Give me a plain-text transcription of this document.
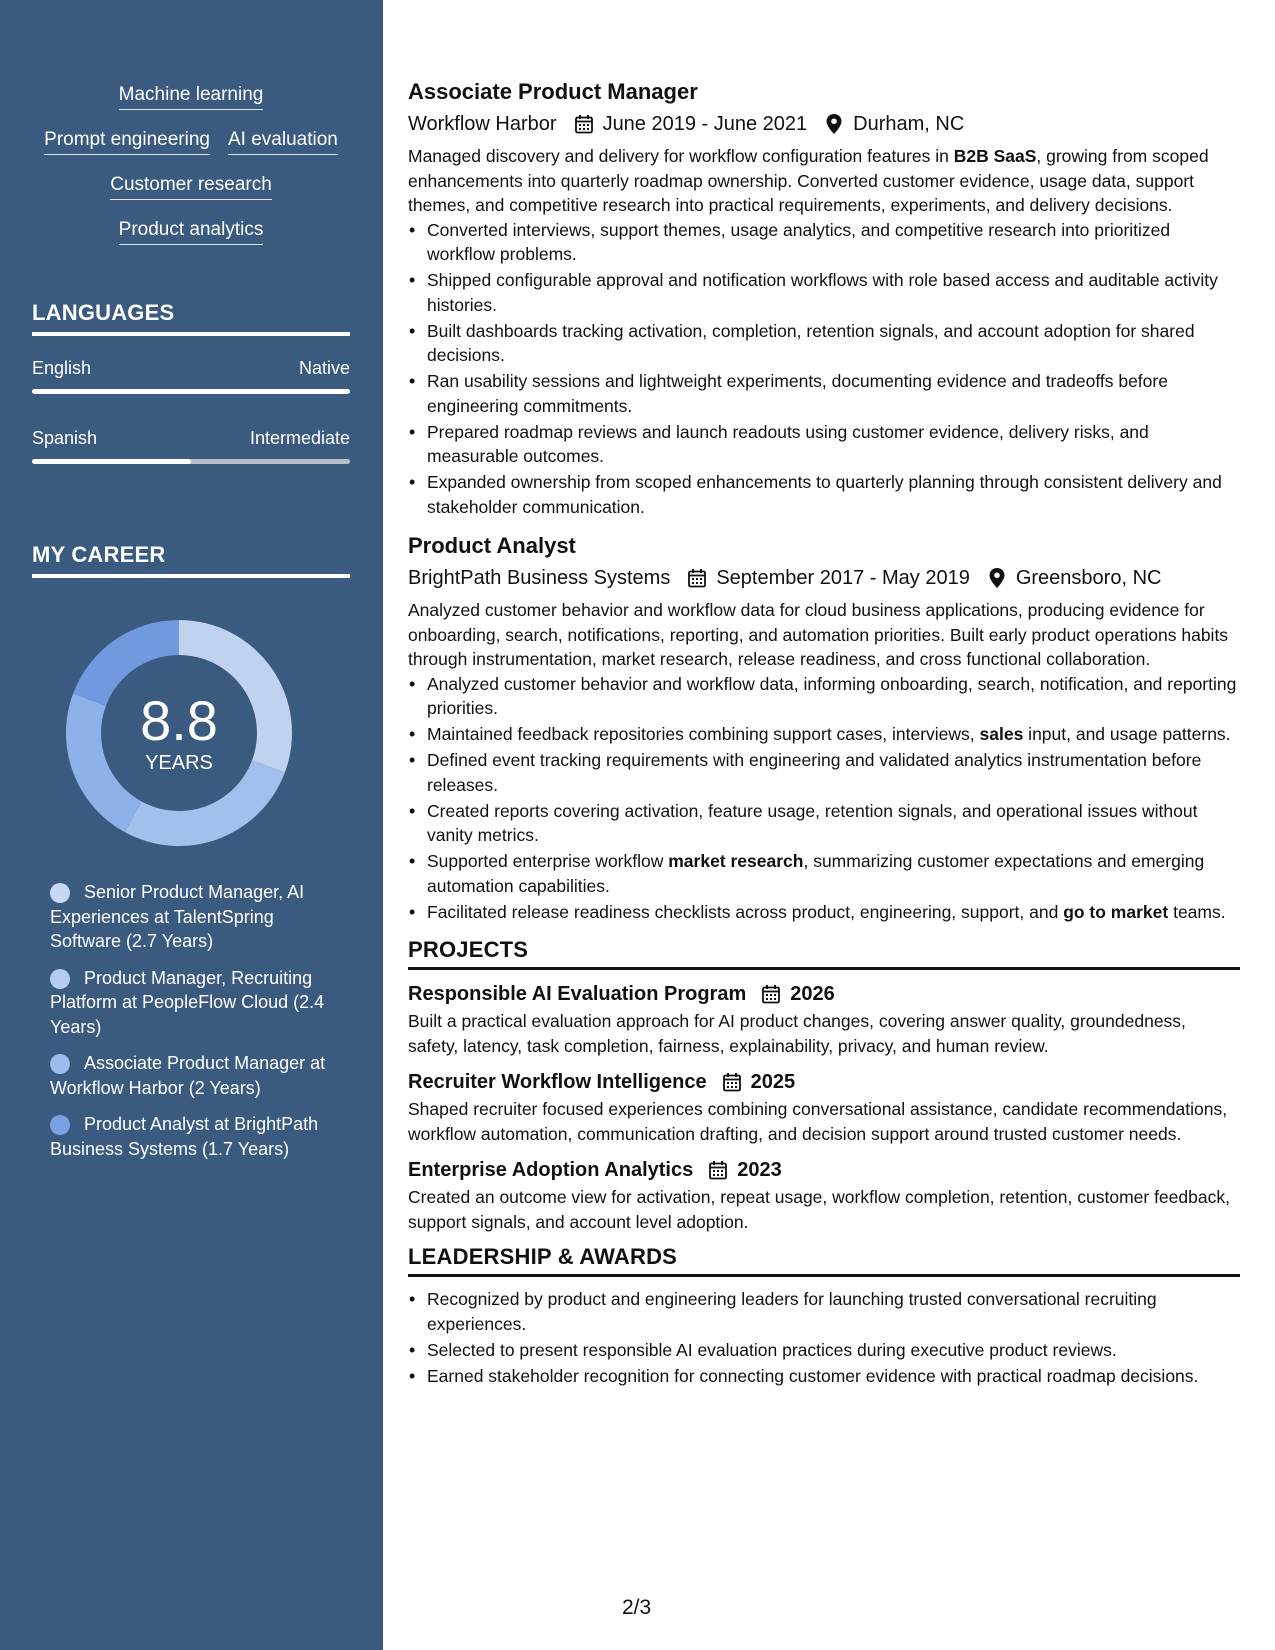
Machine learning
Prompt engineering AI evaluation
Customer research
Product analytics
LANGUAGES
English	Native
Spanish	Intermediate
MY CAREER
8.8
YEARS
Senior Product Manager, AI Experiences at TalentSpring Software (2.7 Years)
Product Manager, Recruiting Platform at PeopleFlow Cloud (2.4 Years)
Associate Product Manager at Workflow Harbor (2 Years)
Product Analyst at BrightPath Business Systems (1.7 Years)
Associate Product Manager
Workflow Harbor June 2019 - June 2021 Durham, NC
Managed discovery and delivery for workflow configuration features in B2B SaaS, growing from scoped enhancements into quarterly roadmap ownership. Converted customer evidence, usage data, support themes, and competitive research into practical requirements, experiments, and delivery decisions.
• Converted interviews, support themes, usage analytics, and competitive research into prioritized workflow problems.
• Shipped configurable approval and notification workflows with role based access and auditable activity histories.
• Built dashboards tracking activation, completion, retention signals, and account adoption for shared decisions.
• Ran usability sessions and lightweight experiments, documenting evidence and tradeoffs before engineering commitments.
• Prepared roadmap reviews and launch readouts using customer evidence, delivery risks, and measurable outcomes.
• Expanded ownership from scoped enhancements to quarterly planning through consistent delivery and stakeholder communication.
Product Analyst
BrightPath Business Systems September 2017 - May 2019 Greensboro, NC
Analyzed customer behavior and workflow data for cloud business applications, producing evidence for onboarding, search, notifications, reporting, and automation priorities. Built early product operations habits through instrumentation, market research, release readiness, and cross functional collaboration.
• Analyzed customer behavior and workflow data, informing onboarding, search, notification, and reporting priorities.
• Maintained feedback repositories combining support cases, interviews, sales input, and usage patterns.
• Defined event tracking requirements with engineering and validated analytics instrumentation before releases.
• Created reports covering activation, feature usage, retention signals, and operational issues without vanity metrics.
• Supported enterprise workflow market research, summarizing customer expectations and emerging automation capabilities.
• Facilitated release readiness checklists across product, engineering, support, and go to market teams.
PROJECTS
Responsible AI Evaluation Program 2026
Built a practical evaluation approach for AI product changes, covering answer quality, groundedness, safety, latency, task completion, fairness, explainability, privacy, and human review.
Recruiter Workflow Intelligence 2025
Shaped recruiter focused experiences combining conversational assistance, candidate recommendations, workflow automation, communication drafting, and decision support around trusted customer needs.
Enterprise Adoption Analytics 2023
Created an outcome view for activation, repeat usage, workflow completion, retention, customer feedback, support signals, and account level adoption.
LEADERSHIP & AWARDS
• Recognized by product and engineering leaders for launching trusted conversational recruiting experiences.
• Selected to present responsible AI evaluation practices during executive product reviews.
• Earned stakeholder recognition for connecting customer evidence with practical roadmap decisions.
2/3
